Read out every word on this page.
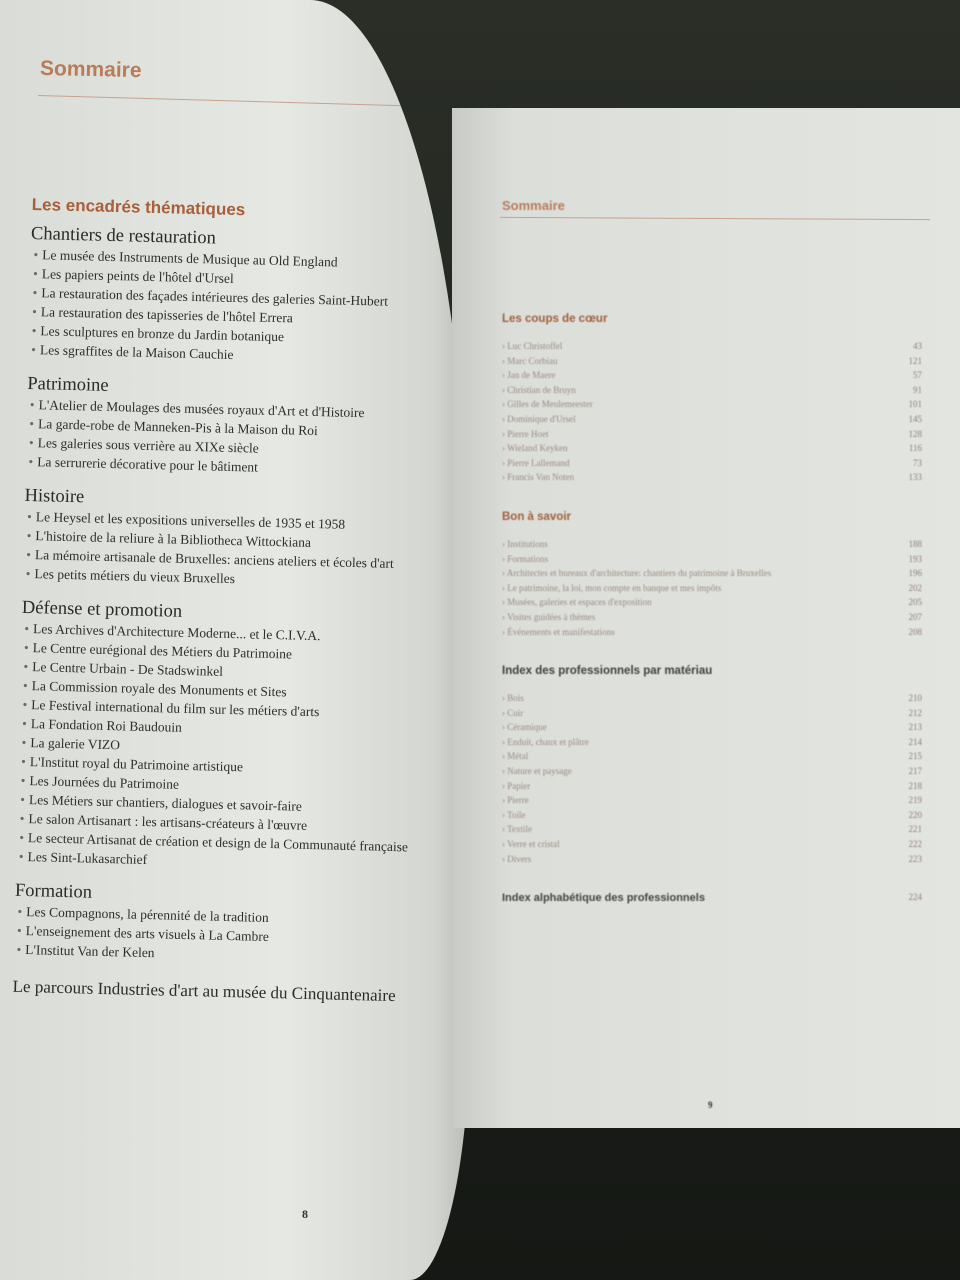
Sommaire
Les encadrés thématiques
Chantiers de restauration
• Le musée des Instruments de Musique au Old England
• Les papiers peints de l'hôtel d'Ursel
• La restauration des façades intérieures des galeries Saint-Hubert
• La restauration des tapisseries de l'hôtel Errera
• Les sculptures en bronze du Jardin botanique
• Les sgraffites de la Maison Cauchie
Patrimoine
• L'Atelier de Moulages des musées royaux d'Art et d'Histoire
• La garde-robe de Manneken-Pis à la Maison du Roi
• Les galeries sous verrière au XIXe siècle
• La serrurerie décorative pour le bâtiment
Histoire
• Le Heysel et les expositions universelles de 1935 et 1958
• L'histoire de la reliure à la Bibliotheca Wittockiana
• La mémoire artisanale de Bruxelles: anciens ateliers et écoles d'art
• Les petits métiers du vieux Bruxelles
Défense et promotion
• Les Archives d'Architecture Moderne... et le C.I.V.A.
• Le Centre eurégional des Métiers du Patrimoine
• Le Centre Urbain - De Stadswinkel
• La Commission royale des Monuments et Sites
• Le Festival international du film sur les métiers d'arts
• La Fondation Roi Baudouin
• La galerie VIZO
• L'Institut royal du Patrimoine artistique
• Les Journées du Patrimoine
• Les Métiers sur chantiers, dialogues et savoir-faire
• Le salon Artisanart : les artisans-créateurs à l'œuvre
• Le secteur Artisanat de création et design de la Communauté française
• Les Sint-Lukasarchief
Formation
• Les Compagnons, la pérennité de la tradition
• L'enseignement des arts visuels à La Cambre
• L'Institut Van der Kelen
Le parcours Industries d'art au musée du Cinquantenaire
8
Sommaire
Les coups de cœur
› Luc Christoffel	43
› Marc Corbiau	121
› Jan de Maere	57
› Christian de Bruyn	91
› Gilles de Meulemeester	101
› Dominique d'Ursel	145
› Pierre Hoet	128
› Wieland Keyken	116
› Pierre Lallemand	73
› Francis Van Noten	133
Bon à savoir
› Institutions	188
› Formations	193
› Architectes et bureaux d'architecture: chantiers du patrimoine à Bruxelles	196
› Le patrimoine, la loi, mon compte en banque et mes impôts	202
› Musées, galeries et espaces d'exposition	205
› Visites guidées à thèmes	207
› Événements et manifestations	208
Index des professionnels par matériau
› Bois	210
› Cuir	212
› Céramique	213
› Enduit, chaux et plâtre	214
› Métal	215
› Nature et paysage	217
› Papier	218
› Pierre	219
› Toile	220
› Textile	221
› Verre et cristal	222
› Divers	223
Index alphabétique des professionnels	224
9
